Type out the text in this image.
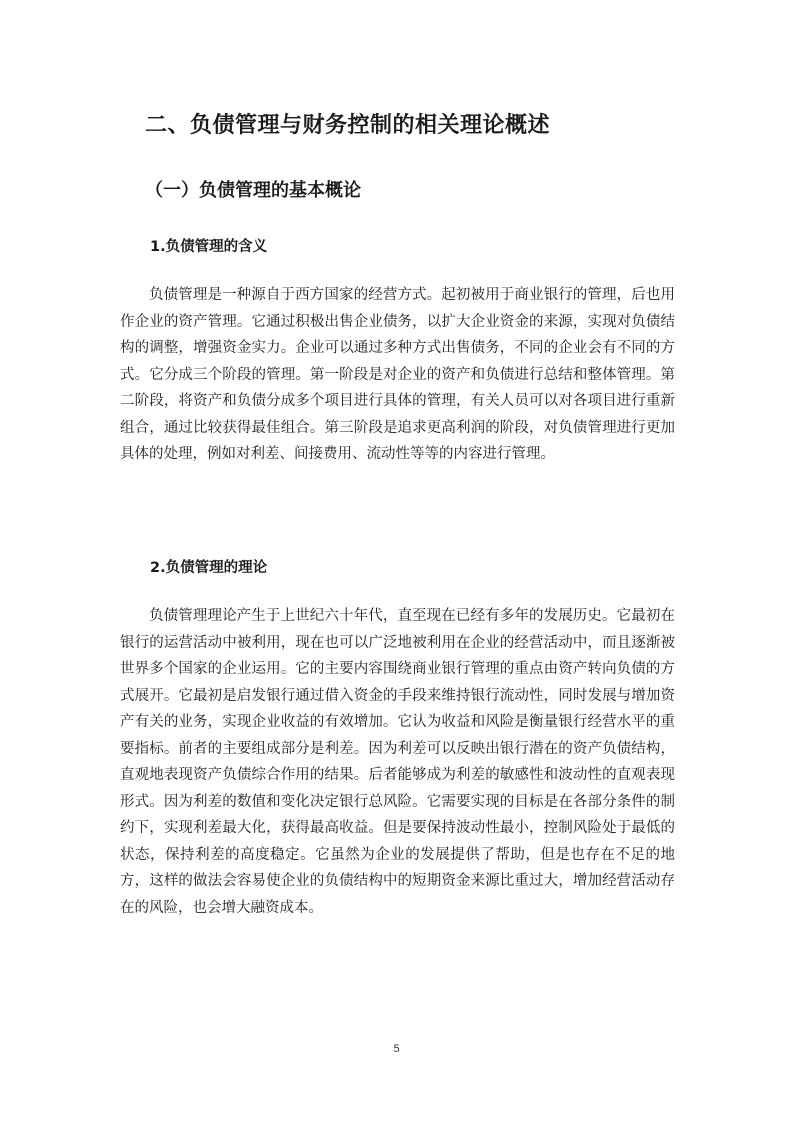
二、负债管理与财务控制的相关理论概述
（一）负债管理的基本概论
1.负债管理的含义

负债管理是一种源自于西方国家的经营方式。起初被用于商业银行的管理，后也用作企业的资产管理。它通过积极出售企业债务，以扩大企业资金的来源，实现对负债结构的调整，增强资金实力。企业可以通过多种方式出售债务，不同的企业会有不同的方式。它分成三个阶段的管理。第一阶段是对企业的资产和负债进行总结和整体管理。第二阶段，将资产和负债分成多个项目进行具体的管理，有关人员可以对各项目进行重新组合，通过比较获得最佳组合。第三阶段是追求更高利润的阶段，对负债管理进行更加具体的处理，例如对利差、间接费用、流动性等等的内容进行管理。

2.负债管理的理论

负债管理理论产生于上世纪六十年代，直至现在已经有多年的发展历史。它最初在银行的运营活动中被利用，现在也可以广泛地被利用在企业的经营活动中，而且逐渐被世界多个国家的企业运用。它的主要内容围绕商业银行管理的重点由资产转向负债的方式展开。它最初是启发银行通过借入资金的手段来维持银行流动性，同时发展与增加资产有关的业务，实现企业收益的有效增加。它认为收益和风险是衡量银行经营水平的重要指标。前者的主要组成部分是利差。因为利差可以反映出银行潜在的资产负债结构，直观地表现资产负债综合作用的结果。后者能够成为利差的敏感性和波动性的直观表现形式。因为利差的数值和变化决定银行总风险。它需要实现的目标是在各部分条件的制约下，实现利差最大化，获得最高收益。但是要保持波动性最小，控制风险处于最低的状态，保持利差的高度稳定。它虽然为企业的发展提供了帮助，但是也存在不足的地方，这样的做法会容易使企业的负债结构中的短期资金来源比重过大，增加经营活动存在的风险，也会增大融资成本。

5
